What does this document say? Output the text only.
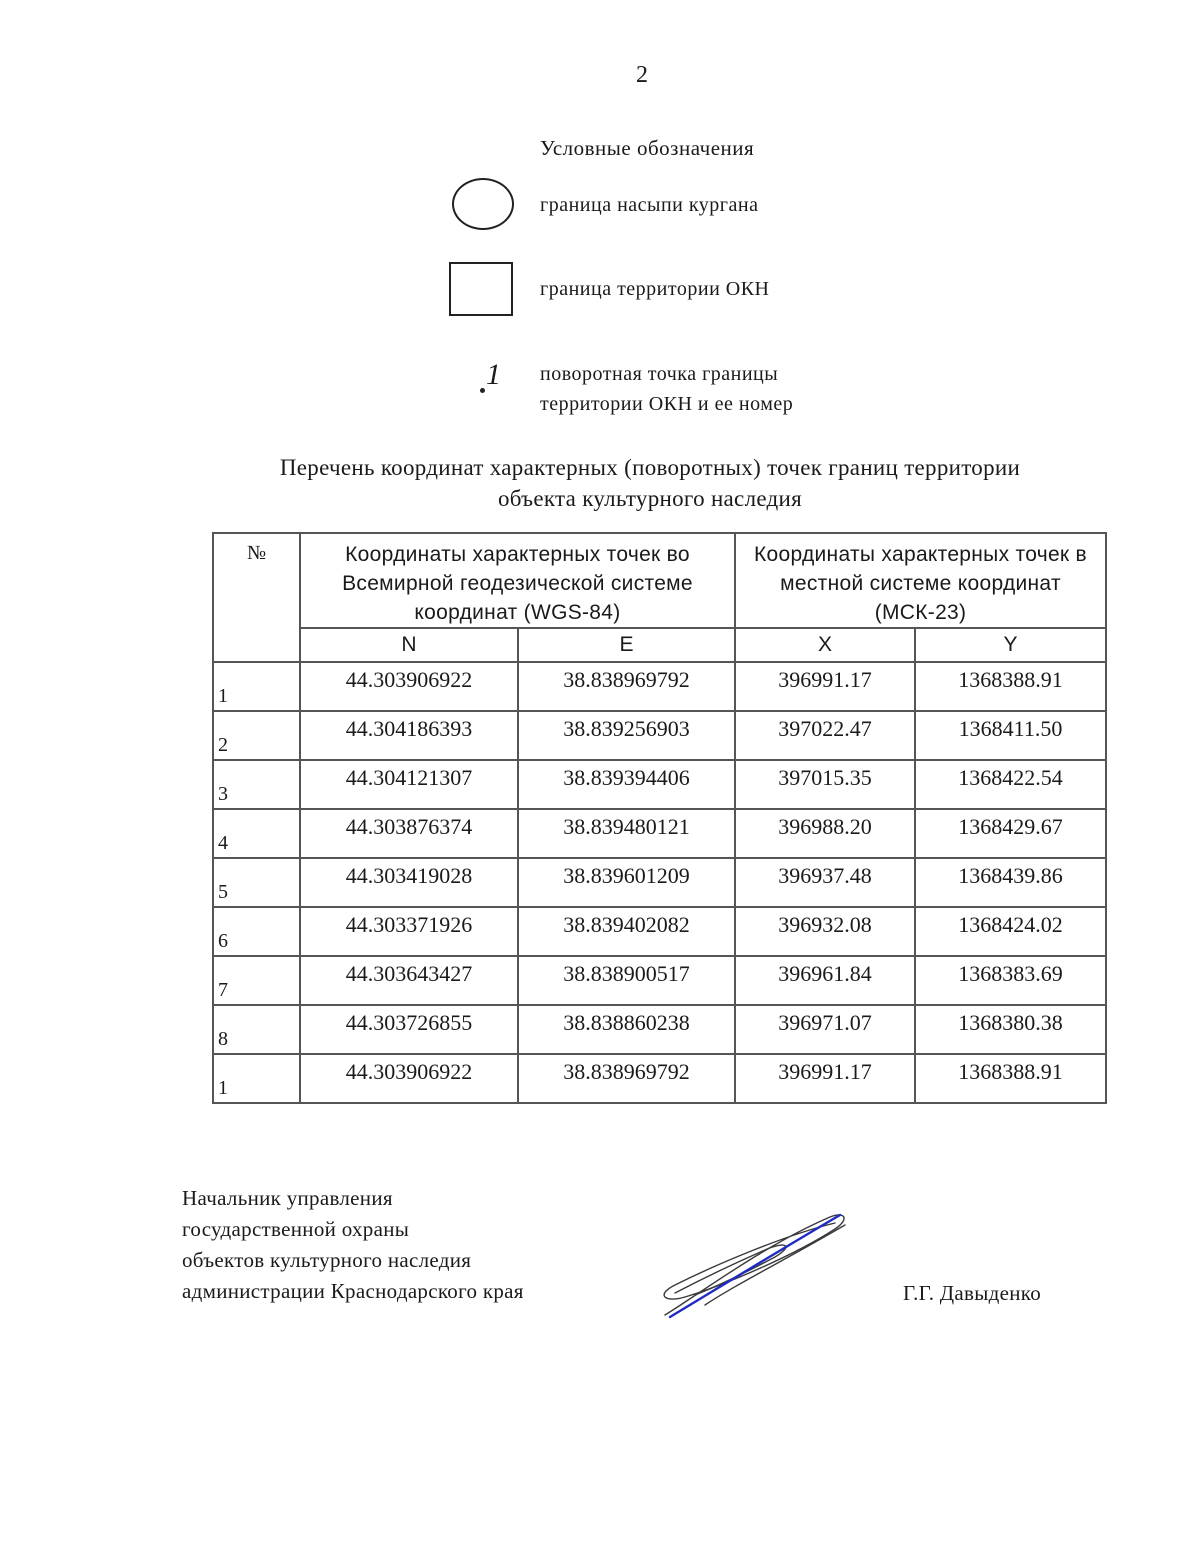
2
Условные обозначения
граница насыпи кургана
граница территории ОКН
1 поворотная точка границы
территории ОКН и ее номер
Перечень координат характерных (поворотных) точек границ территории
объекта культурного наследия
№	Координаты характерных точек во Всемирной геодезической системе координат (WGS-84)		Координаты характерных точек в местной системе координат (МСК-23)	
	N	E	X	Y
1	44.303906922	38.838969792	396991.17	1368388.91
2	44.304186393	38.839256903	397022.47	1368411.50
3	44.304121307	38.839394406	397015.35	1368422.54
4	44.303876374	38.839480121	396988.20	1368429.67
5	44.303419028	38.839601209	396937.48	1368439.86
6	44.303371926	38.839402082	396932.08	1368424.02
7	44.303643427	38.838900517	396961.84	1368383.69
8	44.303726855	38.838860238	396971.07	1368380.38
1	44.303906922	38.838969792	396991.17	1368388.91
Начальник управления
государственной охраны
объектов культурного наследия
администрации Краснодарского края	Г.Г. Давыденко
